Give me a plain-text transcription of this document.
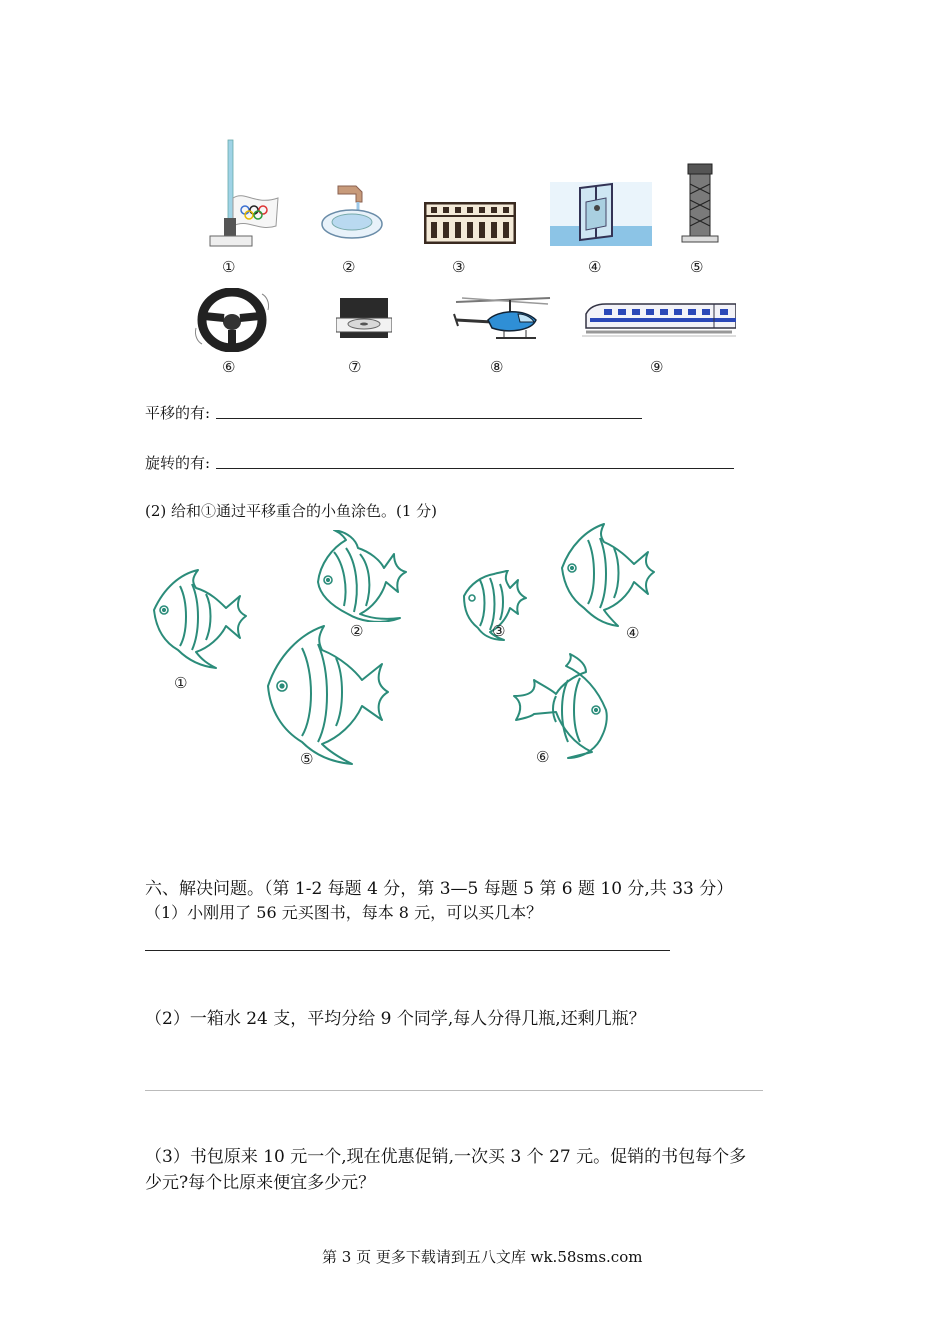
①	②	③	④	⑤
⑥	⑦	⑧	⑨
平移的有:
旋转的有:
(2) 给和①通过平移重合的小鱼涂色。(1 分)
①
②	③	④
⑤	⑥
六、解决问题。（第 1-2 每题 4 分，第 3—5 每题 5 第 6 题 10 分,共 33 分）
（1）小刚用了 56 元买图书，每本 8 元，可以买几本？
（2）一箱水 24 支，平均分给 9 个同学,每人分得几瓶,还剩几瓶？
（3）书包原来 10 元一个,现在优惠促销,一次买 3 个 27 元。促销的书包每个多
少元?每个比原来便宜多少元？
第 3 页 更多下载请到五八文库 wk.58sms.com
